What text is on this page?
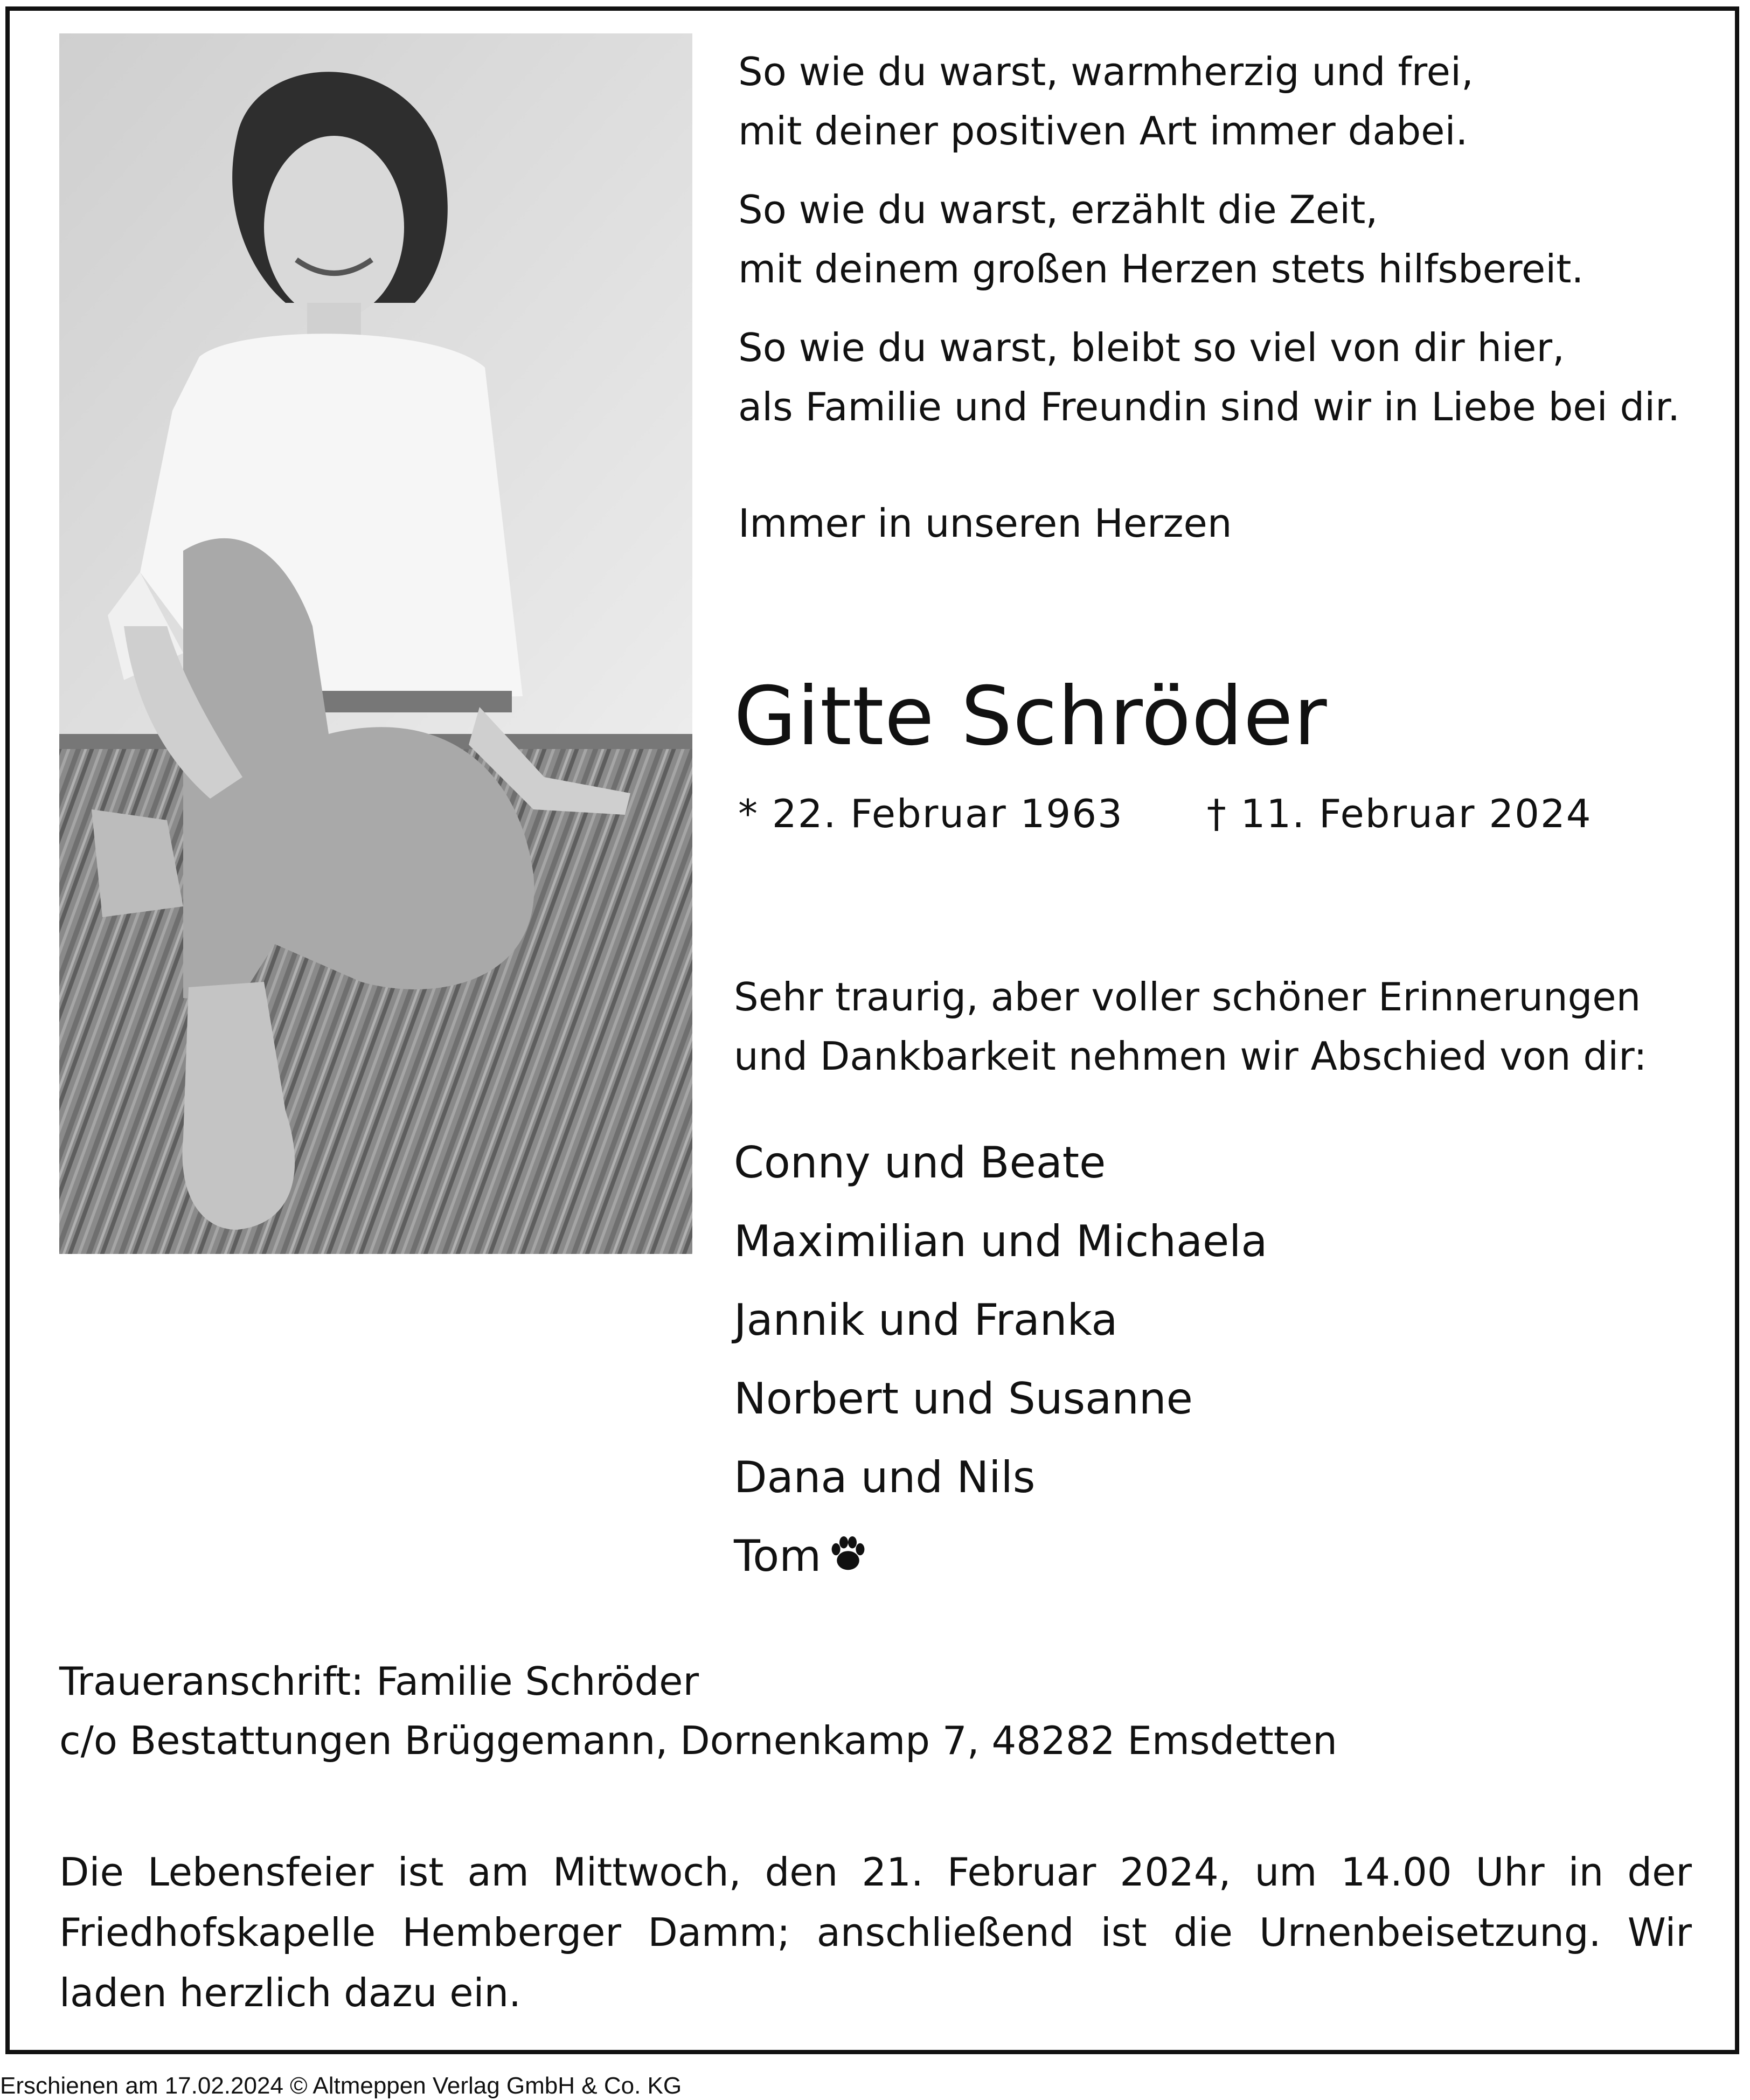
So wie du warst, warmherzig und frei,
mit deiner positiven Art immer dabei.
So wie du warst, erzählt die Zeit,
mit deinem großen Herzen stets hilfsbereit.
So wie du warst, bleibt so viel von dir hier,
als Familie und Freundin sind wir in Liebe bei dir.
Immer in unseren Herzen
Gitte Schröder
* 22. Februar 1963 † 11. Februar 2024
Sehr traurig, aber voller schöner Erinnerungen
und Dankbarkeit nehmen wir Abschied von dir:
Conny und Beate
Maximilian und Michaela
Jannik und Franka
Norbert und Susanne
Dana und Nils
Tom
Traueranschrift: Familie Schröder
c/o Bestattungen Brüggemann, Dornenkamp 7, 48282 Emsdetten
Die Lebensfeier ist am Mittwoch, den 21. Februar 2024, um 14.00 Uhr in der Friedhofskapelle Hemberger Damm; anschließend ist die Urnenbeisetzung. Wir laden herzlich dazu ein.
Erschienen am 17.02.2024 © Altmeppen Verlag GmbH & Co. KG
